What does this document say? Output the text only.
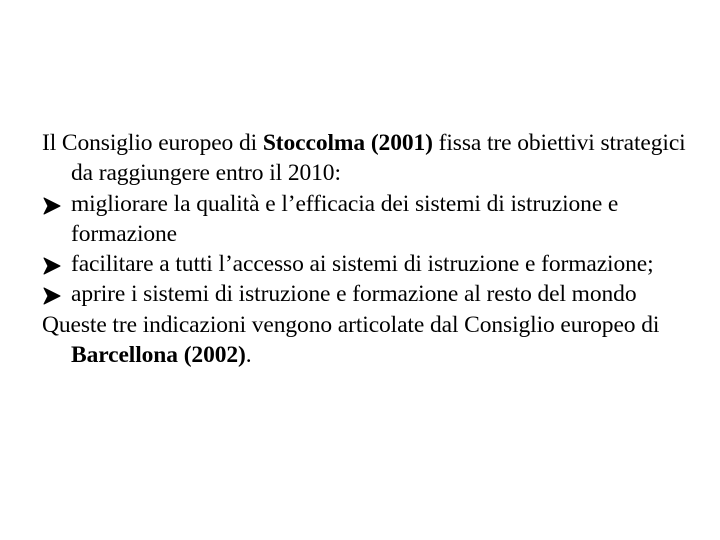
Il Consiglio europeo di Stoccolma (2001) fissa tre obiettivi strategici da raggiungere entro il 2010:

migliorare la qualità e l’efficacia dei sistemi di istruzione e formazione

facilitare a tutti l’accesso ai sistemi di istruzione e formazione;

aprire i sistemi di istruzione e formazione al resto del mondo

Queste tre indicazioni vengono articolate dal Consiglio europeo di Barcellona (2002).
